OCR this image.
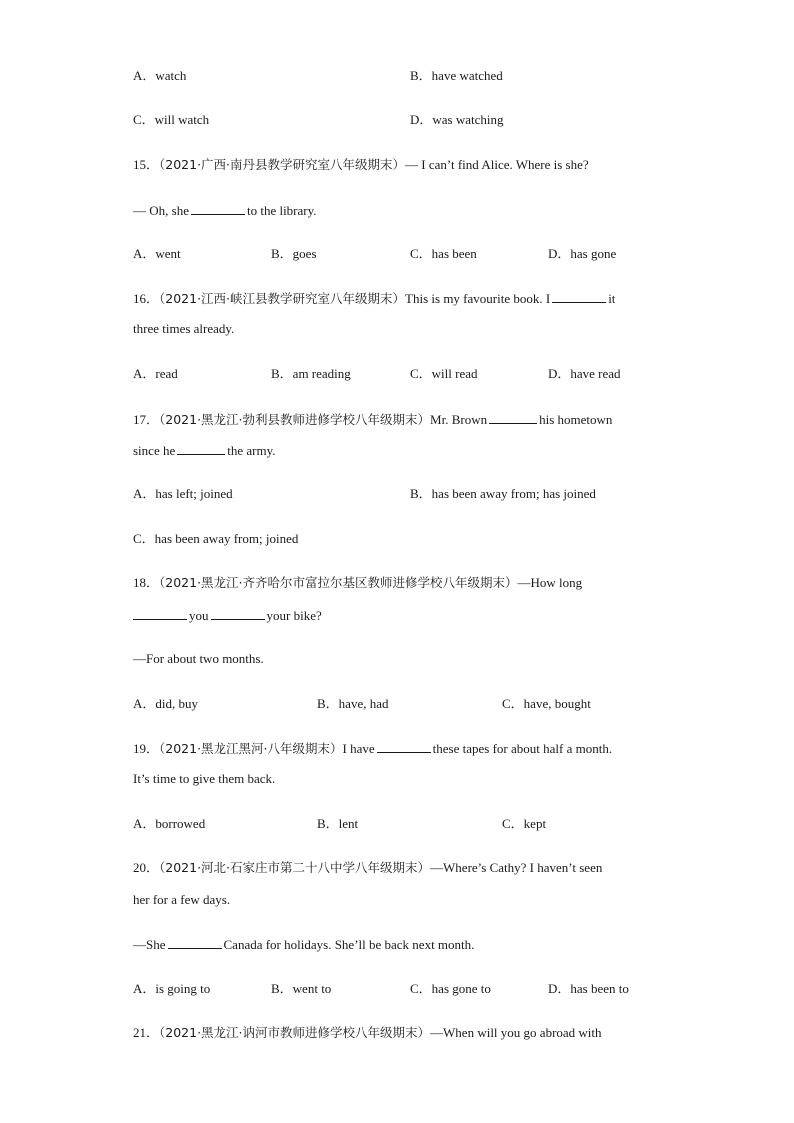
A．watch	B．have watched
C．will watch	D．was watching
15．（2021·广西·南丹县教学研究室八年级期末）— I can’t find Alice. Where is she?
— Oh, she	to the library.
A．went	B．goes	C．has been	D．has gone
16．（2021·江西·峡江县教学研究室八年级期末）This is my favourite book. I	it
three times already.
A．read	B．am reading	C．will read	D．have read
17．（2021·黑龙江·勃利县教师进修学校八年级期末）Mr. Brown	his hometown
since he	the army.
A．has left; joined	B．has been away from; has joined
C．has been away from; joined
18．（2021·黑龙江·齐齐哈尔市富拉尔基区教师进修学校八年级期末）—How long
you	your bike?
—For about two months.
A．did, buy	B．have, had	C．have, bought
19．（2021·黑龙江黑河·八年级期末）I have	these tapes for about half a month.
It’s time to give them back.
A．borrowed	B．lent	C．kept
20．（2021·河北·石家庄市第二十八中学八年级期末）—Where’s Cathy? I haven’t seen
her for a few days.
—She	Canada for holidays. She’ll be back next month.
A．is going to	B．went to	C．has gone to	D．has been to
21．（2021·黑龙江·讷河市教师进修学校八年级期末）—When will you go abroad with
